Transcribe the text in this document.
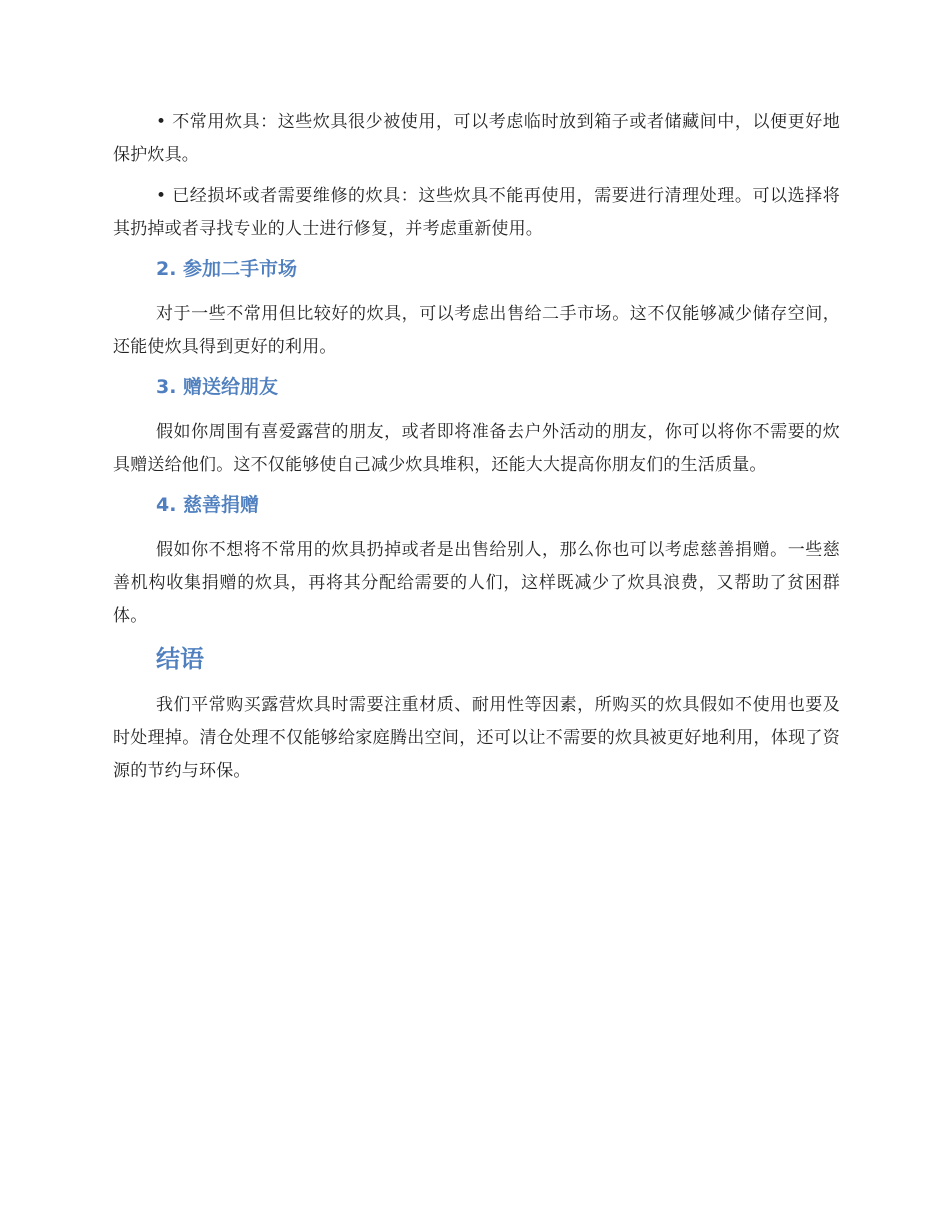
• 不常用炊具：这些炊具很少被使用，可以考虑临时放到箱子或者储藏间中，以便更好地保护炊具。

• 已经损坏或者需要维修的炊具：这些炊具不能再使用，需要进行清理处理。可以选择将其扔掉或者寻找专业的人士进行修复，并考虑重新使用。

2. 参加二手市场

对于一些不常用但比较好的炊具，可以考虑出售给二手市场。这不仅能够减少储存空间，还能使炊具得到更好的利用。

3. 赠送给朋友

假如你周围有喜爱露营的朋友，或者即将准备去户外活动的朋友，你可以将你不需要的炊具赠送给他们。这不仅能够使自己减少炊具堆积，还能大大提高你朋友们的生活质量。

4. 慈善捐赠

假如你不想将不常用的炊具扔掉或者是出售给别人，那么你也可以考虑慈善捐赠。一些慈善机构收集捐赠的炊具，再将其分配给需要的人们，这样既减少了炊具浪费，又帮助了贫困群体。

结语

我们平常购买露营炊具时需要注重材质、耐用性等因素，所购买的炊具假如不使用也要及时处理掉。清仓处理不仅能够给家庭腾出空间，还可以让不需要的炊具被更好地利用，体现了资源的节约与环保。
